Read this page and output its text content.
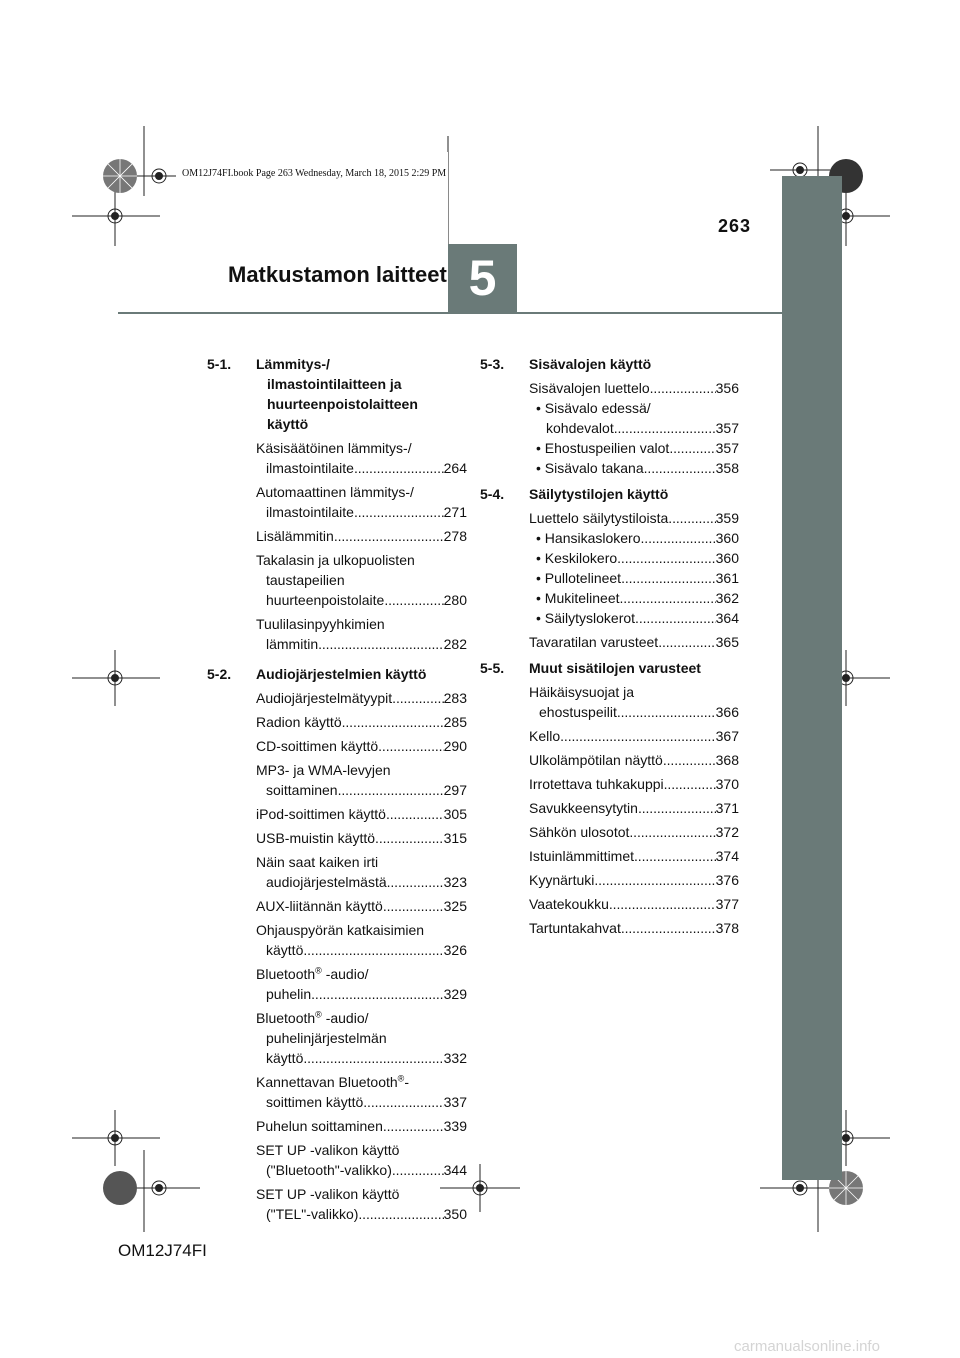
OM12J74FI.book Page 263 Wednesday, March 18, 2015 2:29 PM
263
Matkustamon laitteet 5
5-1. Lämmitys-/
ilmastointilaitteen ja
huurteenpoistolaitteen
käyttö
Käsisäätöinen lämmitys-/
ilmastointilaite . . .	264
Automaattinen lämmitys-/
ilmastointilaite . . .	271
Lisälämmitin . . .	278
Takalasin ja ulkopuolisten
taustapeilien
huurteenpoistolaite . . .	280
Tuulilasinpyyhkimien
lämmitin . . .	282
5-2. Audiojärjestelmien käyttö
Audiojärjestelmätyypit . . .	283
Radion käyttö . . .	285
CD-soittimen käyttö . . .	290
MP3- ja WMA-levyjen
soittaminen . . .	297
iPod-soittimen käyttö . . .	305
USB-muistin käyttö . . .	315
Näin saat kaiken irti
audiojärjestelmästä . . .	323
AUX-liitännän käyttö . . .	325
Ohjauspyörän katkaisimien
käyttö . . .	326
Bluetooth® -audio/
puhelin . . .	329
Bluetooth® -audio/
puhelinjärjestelmän
käyttö . . .	332
Kannettavan Bluetooth®-
soittimen käyttö . . .	337
Puhelun soittaminen . . .	339
SET UP -valikon käyttö
("Bluetooth"-valikko) . . .	344
SET UP -valikon käyttö
("TEL"-valikko) . . .	350
5-3. Sisävalojen käyttö
Sisävalojen luettelo . . .	356
• Sisävalo edessä/
kohdevalot . . .	357
• Ehostuspeilien valot . . .	357
• Sisävalo takana . . .	358
5-4. Säilytystilojen käyttö
Luettelo säilytystiloista . . .	359
• Hansikaslokero . . .	360
• Keskilokero . . .	360
• Pullotelineet . . .	361
• Mukitelineet . . .	362
• Säilytyslokerot . . .	364
Tavaratilan varusteet . . .	365
5-5. Muut sisätilojen varusteet
Häikäisysuojat ja
ehostuspeilit . . .	366
Kello . . .	367
Ulkolämpötilan näyttö . . .	368
Irrotettava tuhkakuppi . . .	370
Savukkeensytytin . . .	371
Sähkön ulosotot . . .	372
Istuinlämmittimet . . .	374
Kyynärtuki . . .	376
Vaatekoukku . . .	377
Tartuntakahvat . . .	378
OM12J74FI
carmanualsonline.info
